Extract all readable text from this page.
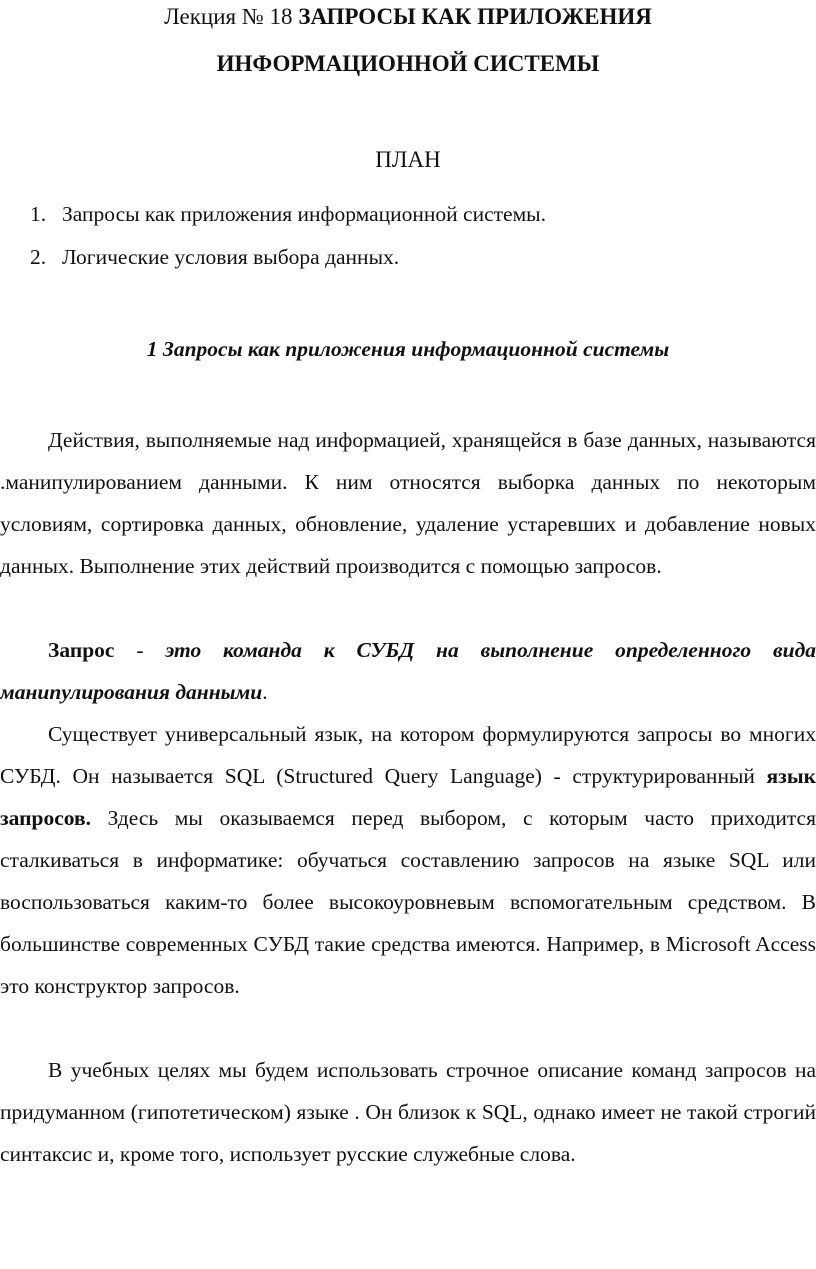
Лекция № 18 ЗАПРОСЫ КАК ПРИЛОЖЕНИЯ
ИНФОРМАЦИОННОЙ СИСТЕМЫ
ПЛАН
1. Запросы как приложения информационной системы.
2. Логические условия выбора данных.
1 Запросы как приложения информационной системы

Действия, выполняемые над информацией, хранящейся в базе данных, называются .манипулированием данными. К ним относятся выборка данных по некоторым условиям, сортировка данных, обновление, удаление устаревших и добавление новых данных. Выполнение этих действий производится с помощью запросов.

Запрос - это команда к СУБД на выполнение определенного вида манипулирования данными.

Существует универсальный язык, на котором формулируются запросы во многих СУБД. Он называется SQL (Structured Query Language) - структурированный язык запросов. Здесь мы оказываемся перед выбором, с которым часто приходится сталкиваться в информатике: обучаться составлению запросов на языке SQL или воспользоваться каким-то более высокоуровневым вспомогательным средством. В большинстве современных СУБД такие средства имеются. Например, в Microsoft Access это конструктор запросов.

В учебных целях мы будем использовать строчное описание команд запросов на придуманном (гипотетическом) языке . Он близок к SQL, однако имеет не такой строгий синтаксис и, кроме того, использует русские служебные слова.
